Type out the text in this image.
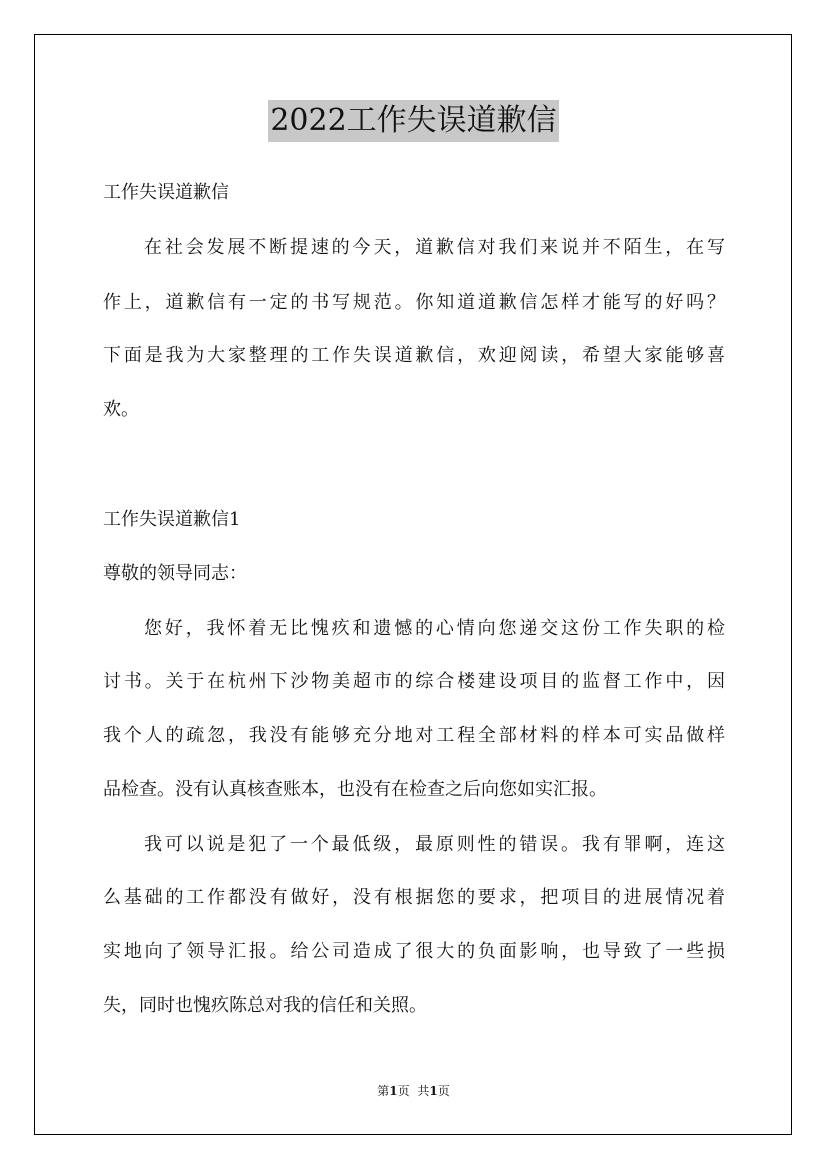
2022工作失误道歉信
工作失误道歉信
在社会发展不断提速的今天，道歉信对我们来说并不陌生，在写
作上，道歉信有一定的书写规范。你知道道歉信怎样才能写的好吗？
下面是我为大家整理的工作失误道歉信，欢迎阅读，希望大家能够喜
欢。
工作失误道歉信1
尊敬的领导同志：
您好，我怀着无比愧疚和遗憾的心情向您递交这份工作失职的检
讨书。关于在杭州下沙物美超市的综合楼建设项目的监督工作中，因
我个人的疏忽，我没有能够充分地对工程全部材料的样本可实品做样
品检查。没有认真核查账本，也没有在检查之后向您如实汇报。
我可以说是犯了一个最低级，最原则性的错误。我有罪啊，连这
么基础的工作都没有做好，没有根据您的要求，把项目的进展情况着
实地向了领导汇报。给公司造成了很大的负面影响，也导致了一些损
失，同时也愧疚陈总对我的信任和关照。
第1页 共1页
